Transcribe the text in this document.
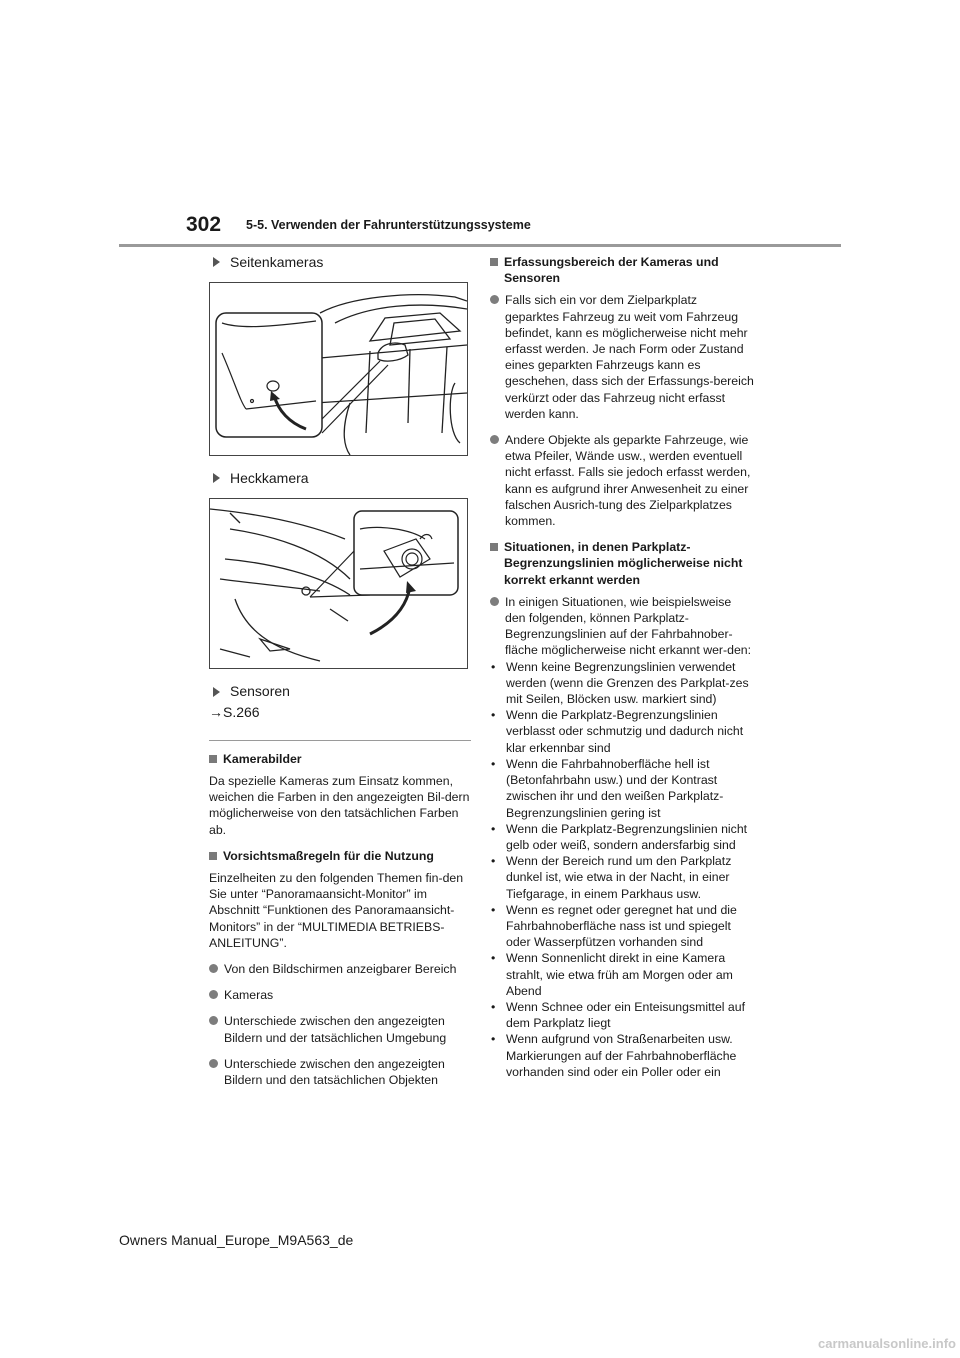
302 5-5. Verwenden der Fahrunterstützungssysteme
Seitenkameras
Heckkamera
Sensoren
→S.266
Kamerabilder

Da spezielle Kameras zum Einsatz kommen, weichen die Farben in den angezeigten Bil-dern möglicherweise von den tatsächlichen Farben ab.

Vorsichtsmaßregeln für die Nutzung

Einzelheiten zu den folgenden Themen fin-den Sie unter “Panoramaansicht-Monitor” im Abschnitt “Funktionen des Panoramaansicht-Monitors” in der “MULTIMEDIA BETRIEBS-ANLEITUNG”.

Von den Bildschirmen anzeigbarer Bereich
Kameras
Unterschiede zwischen den angezeigten Bildern und der tatsächlichen Umgebung
Unterschiede zwischen den angezeigten Bildern und den tatsächlichen Objekten
Erfassungsbereich der Kameras und Sensoren
Falls sich ein vor dem Zielparkplatz geparktes Fahrzeug zu weit vom Fahrzeug befindet, kann es möglicherweise nicht mehr erfasst werden. Je nach Form oder Zustand eines geparkten Fahrzeugs kann es geschehen, dass sich der Erfassungs-bereich verkürzt oder das Fahrzeug nicht erfasst werden kann.
Andere Objekte als geparkte Fahrzeuge, wie etwa Pfeiler, Wände usw., werden eventuell nicht erfasst. Falls sie jedoch erfasst werden, kann es aufgrund ihrer Anwesenheit zu einer falschen Ausrich-tung des Zielparkplatzes kommen.
Situationen, in denen Parkplatz-Begrenzungslinien möglicherweise nicht korrekt erkannt werden
In einigen Situationen, wie beispielsweise den folgenden, können Parkplatz-Begrenzungslinien auf der Fahrbahnober-fläche möglicherweise nicht erkannt wer-den:
• Wenn keine Begrenzungslinien verwendet werden (wenn die Grenzen des Parkplat-zes mit Seilen, Blöcken usw. markiert sind)
• Wenn die Parkplatz-Begrenzungslinien verblasst oder schmutzig und dadurch nicht klar erkennbar sind
• Wenn die Fahrbahnoberfläche hell ist (Betonfahrbahn usw.) und der Kontrast zwischen ihr und den weißen Parkplatz-Begrenzungslinien gering ist
• Wenn die Parkplatz-Begrenzungslinien nicht gelb oder weiß, sondern andersfarbig sind
• Wenn der Bereich rund um den Parkplatz dunkel ist, wie etwa in der Nacht, in einer Tiefgarage, in einem Parkhaus usw.
• Wenn es regnet oder geregnet hat und die Fahrbahnoberfläche nass ist und spiegelt oder Wasserpfützen vorhanden sind
• Wenn Sonnenlicht direkt in eine Kamera strahlt, wie etwa früh am Morgen oder am Abend
• Wenn Schnee oder ein Enteisungsmittel auf dem Parkplatz liegt
• Wenn aufgrund von Straßenarbeiten usw. Markierungen auf der Fahrbahnoberfläche vorhanden sind oder ein Poller oder ein
Owners Manual_Europe_M9A563_de
carmanualsonline.info
